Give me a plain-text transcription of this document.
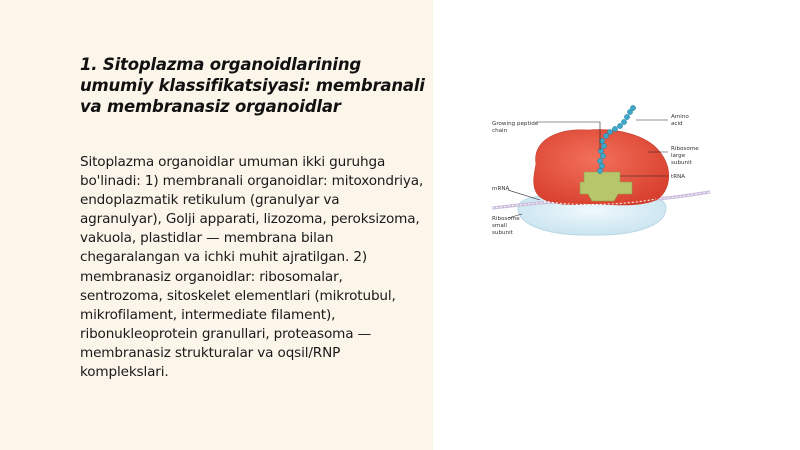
1. Sitoplazma organoidlarining umumiy klassifikatsiyasi: membranali va membranasiz organoidlar

Sitoplazma organoidlar umuman ikki guruhga bo'linadi: 1) membranali organoidlar: mitoxondriya, endoplazmatik retikulum (granulyar va agranulyar), Golji apparati, lizozoma, peroksizoma, vakuola, plastidlar — membrana bilan chegaralangan va ichki muhit ajratilgan. 2) membranasiz organoidlar: ribosomalar, sentrozoma, sitoskelet elementlari (mikrotubul, mikrofilament, intermediate filament), ribonukleoprotein granullari, proteasoma — membranasiz strukturalar va oqsil/RNP komplekslari.

Growing peptide
chain
Amino
acid
Ribosome
large
subunit
tRNA
mRNA
Ribosome
small
subunit
